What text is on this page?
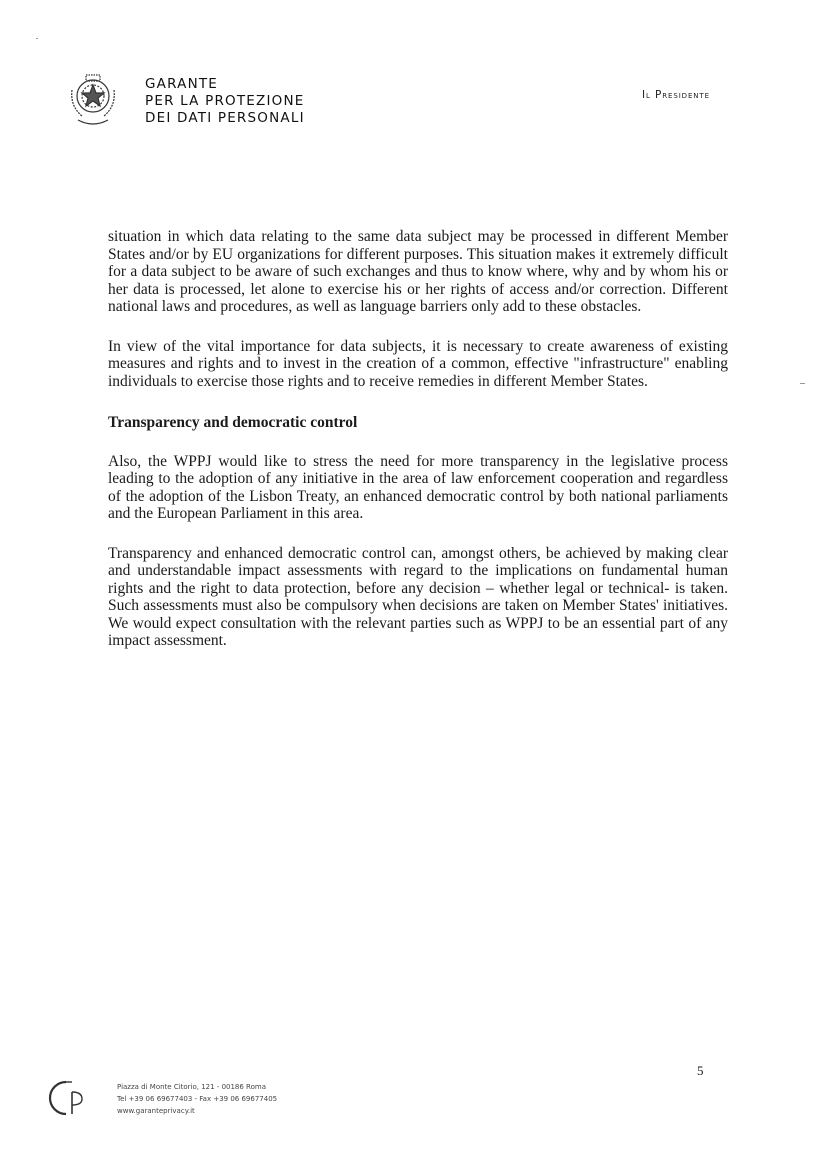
GARANTE
PER LA PROTEZIONE
DEI DATI PERSONALI
Il Presidente

situation in which data relating to the same data subject may be processed in different Member States and/or by EU organizations for different purposes. This situation makes it extremely difficult for a data subject to be aware of such exchanges and thus to know where, why and by whom his or her data is processed, let alone to exercise his or her rights of access and/or correction. Different national laws and procedures, as well as language barriers only add to these obstacles.

In view of the vital importance for data subjects, it is necessary to create awareness of existing measures and rights and to invest in the creation of a common, effective "infrastructure" enabling individuals to exercise those rights and to receive remedies in different Member States.

Transparency and democratic control

Also, the WPPJ would like to stress the need for more transparency in the legislative process leading to the adoption of any initiative in the area of law enforcement cooperation and regardless of the adoption of the Lisbon Treaty, an enhanced democratic control by both national parliaments and the European Parliament in this area.

Transparency and enhanced democratic control can, amongst others, be achieved by making clear and understandable impact assessments with regard to the implications on fundamental human rights and the right to data protection, before any decision – whether legal or technical- is taken. Such assessments must also be compulsory when decisions are taken on Member States' initiatives. We would expect consultation with the relevant parties such as WPPJ to be an essential part of any impact assessment.

5
Piazza di Monte Citorio, 121 - 00186 Roma
Tel +39 06 69677403 - Fax +39 06 69677405
www.garanteprivacy.it
